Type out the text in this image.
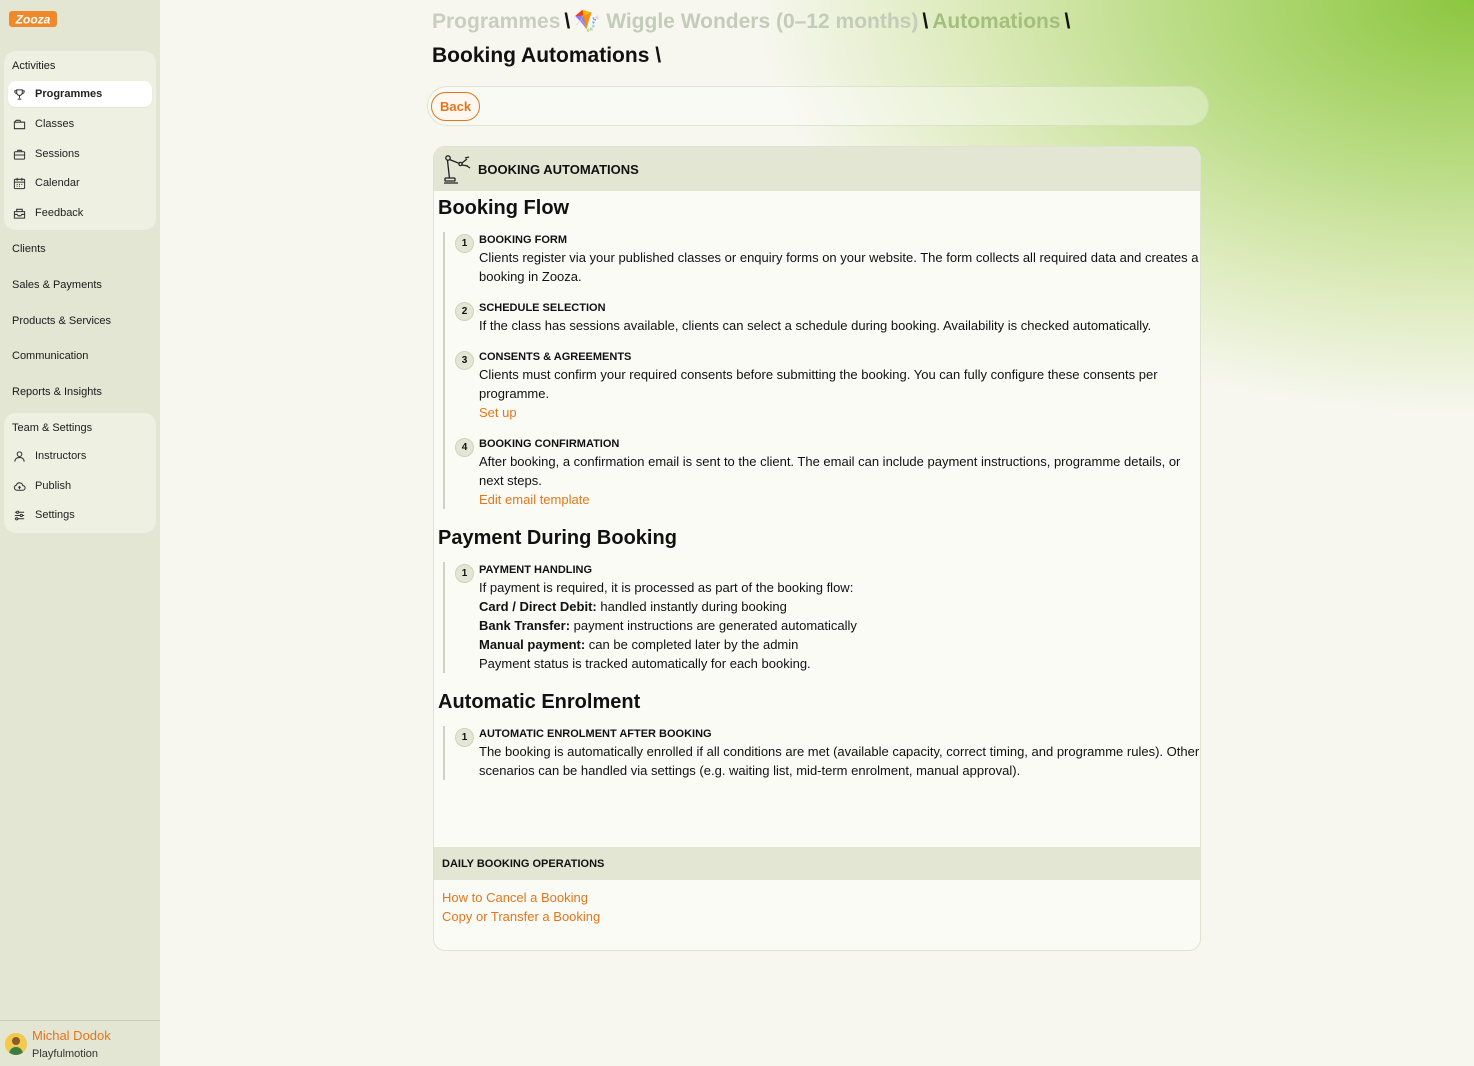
Zooza
Activities
Programmes
Classes
Sessions
Calendar
Feedback
Clients
Sales & Payments
Products & Services
Communication
Reports & Insights
Team & Settings
Instructors
Publish
Settings
Michal Dodok
Playfulmotion
Programmes \ 🪁 Wiggle Wonders (0–12 months) \ Automations \
Booking Automations \
Back
BOOKING AUTOMATIONS
Booking Flow
1	BOOKING FORM
Clients register via your published classes or enquiry forms on your website. The form collects all required data and creates a booking in Zooza.
2	SCHEDULE SELECTION
If the class has sessions available, clients can select a schedule during booking. Availability is checked automatically.
3	CONSENTS & AGREEMENTS
Clients must confirm your required consents before submitting the booking. You can fully configure these consents per programme.
Set up
4	BOOKING CONFIRMATION
After booking, a confirmation email is sent to the client. The email can include payment instructions, programme details, or next steps.
Edit email template
Payment During Booking
1	PAYMENT HANDLING
If payment is required, it is processed as part of the booking flow:
Card / Direct Debit: handled instantly during booking
Bank Transfer: payment instructions are generated automatically
Manual payment: can be completed later by the admin
Payment status is tracked automatically for each booking.
Automatic Enrolment
1	AUTOMATIC ENROLMENT AFTER BOOKING
The booking is automatically enrolled if all conditions are met (available capacity, correct timing, and programme rules). Other scenarios can be handled via settings (e.g. waiting list, mid-term enrolment, manual approval).
DAILY BOOKING OPERATIONS
How to Cancel a Booking
Copy or Transfer a Booking
